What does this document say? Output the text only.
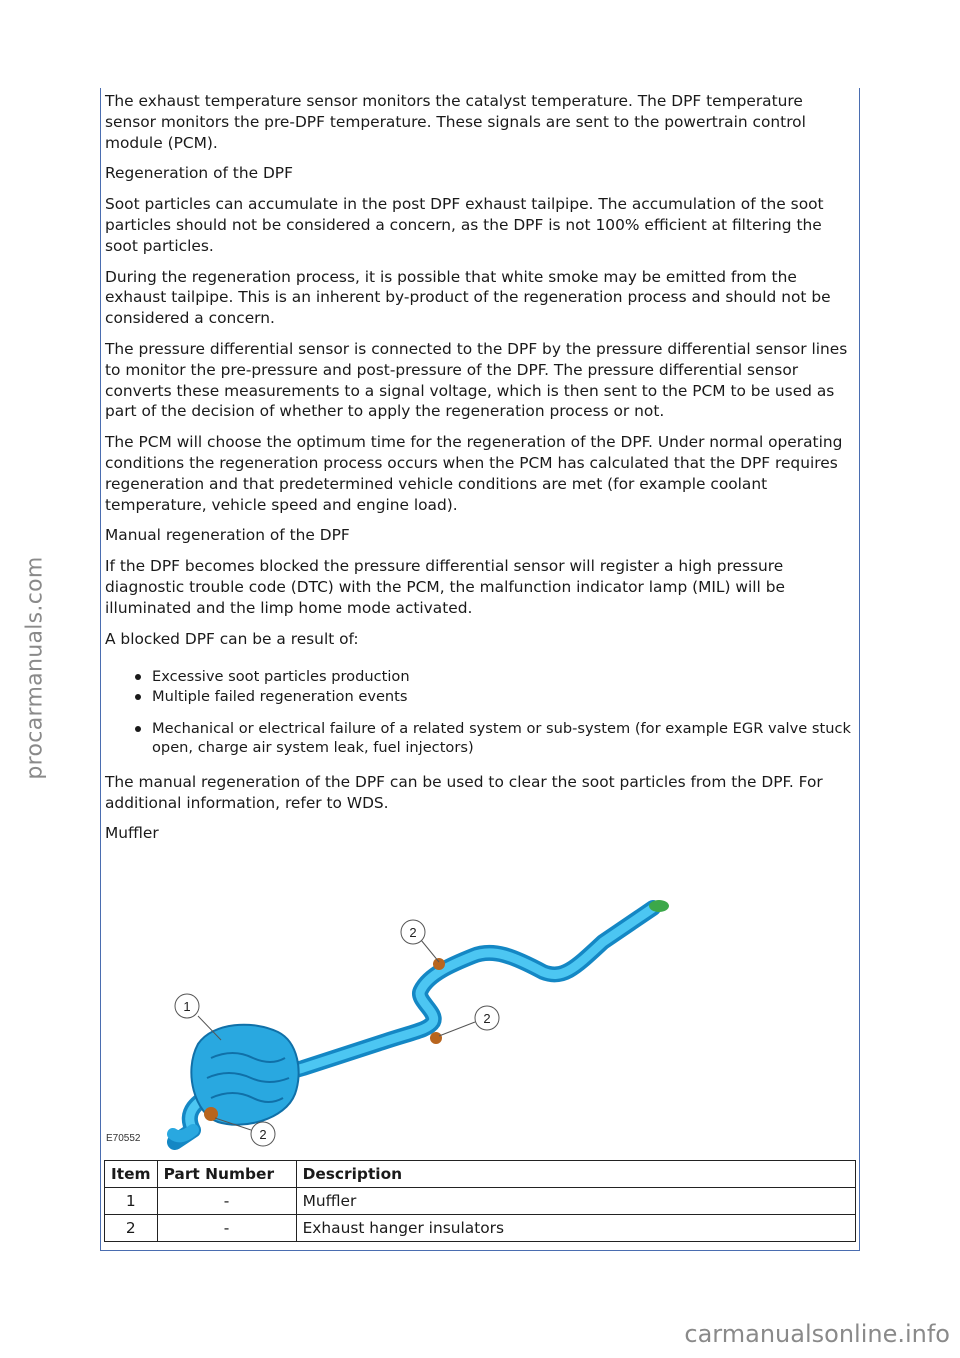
procarmanuals.com

The exhaust temperature sensor monitors the catalyst temperature. The DPF temperature sensor monitors the pre-DPF temperature. These signals are sent to the powertrain control module (PCM).

Regeneration of the DPF

Soot particles can accumulate in the post DPF exhaust tailpipe. The accumulation of the soot particles should not be considered a concern, as the DPF is not 100% efficient at filtering the soot particles.

During the regeneration process, it is possible that white smoke may be emitted from the exhaust tailpipe. This is an inherent by-product of the regeneration process and should not be considered a concern.

The pressure differential sensor is connected to the DPF by the pressure differential sensor lines to monitor the pre-pressure and post-pressure of the DPF. The pressure differential sensor converts these measurements to a signal voltage, which is then sent to the PCM to be used as part of the decision of whether to apply the regeneration process or not.

The PCM will choose the optimum time for the regeneration of the DPF. Under normal operating conditions the regeneration process occurs when the PCM has calculated that the DPF requires regeneration and that predetermined vehicle conditions are met (for example coolant temperature, vehicle speed and engine load).

Manual regeneration of the DPF

If the DPF becomes blocked the pressure differential sensor will register a high pressure diagnostic trouble code (DTC) with the PCM, the malfunction indicator lamp (MIL) will be illuminated and the limp home mode activated.

A blocked DPF can be a result of:

Excessive soot particles production
Multiple failed regeneration events
Mechanical or electrical failure of a related system or sub-system (for example EGR valve stuck open, charge air system leak, fuel injectors)

The manual regeneration of the DPF can be used to clear the soot particles from the DPF. For additional information, refer to WDS.

Muffler

1
2
2
2
E70552
Item	Part Number	Description
1	-	Muffler
2	-	Exhaust hanger insulators
carmanualsonline.info
